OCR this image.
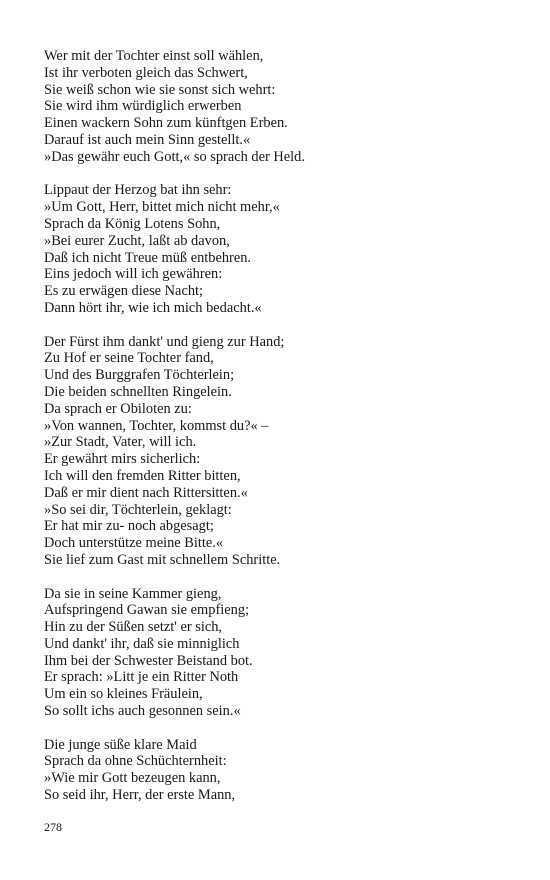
Wer mit der Tochter einst soll wählen,
Ist ihr verboten gleich das Schwert,
Sie weiß schon wie sie sonst sich wehrt:
Sie wird ihm würdiglich erwerben
Einen wackern Sohn zum künftgen Erben.
Darauf ist auch mein Sinn gestellt.«
»Das gewähr euch Gott,« so sprach der Held.
Lippaut der Herzog bat ihn sehr:
»Um Gott, Herr, bittet mich nicht mehr,«
Sprach da König Lotens Sohn,
»Bei eurer Zucht, laßt ab davon,
Daß ich nicht Treue müß entbehren.
Eins jedoch will ich gewähren:
Es zu erwägen diese Nacht;
Dann hört ihr, wie ich mich bedacht.«
Der Fürst ihm dankt' und gieng zur Hand;
Zu Hof er seine Tochter fand,
Und des Burggrafen Töchterlein;
Die beiden schnellten Ringelein.
Da sprach er Obiloten zu:
»Von wannen, Tochter, kommst du?« –
»Zur Stadt, Vater, will ich.
Er gewährt mirs sicherlich:
Ich will den fremden Ritter bitten,
Daß er mir dient nach Rittersitten.«
»So sei dir, Töchterlein, geklagt:
Er hat mir zu- noch abgesagt;
Doch unterstütze meine Bitte.«
Sie lief zum Gast mit schnellem Schritte.
Da sie in seine Kammer gieng,
Aufspringend Gawan sie empfieng;
Hin zu der Süßen setzt' er sich,
Und dankt' ihr, daß sie minniglich
Ihm bei der Schwester Beistand bot.
Er sprach: »Litt je ein Ritter Noth
Um ein so kleines Fräulein,
So sollt ichs auch gesonnen sein.«
Die junge süße klare Maid
Sprach da ohne Schüchternheit:
»Wie mir Gott bezeugen kann,
So seid ihr, Herr, der erste Mann,
278
